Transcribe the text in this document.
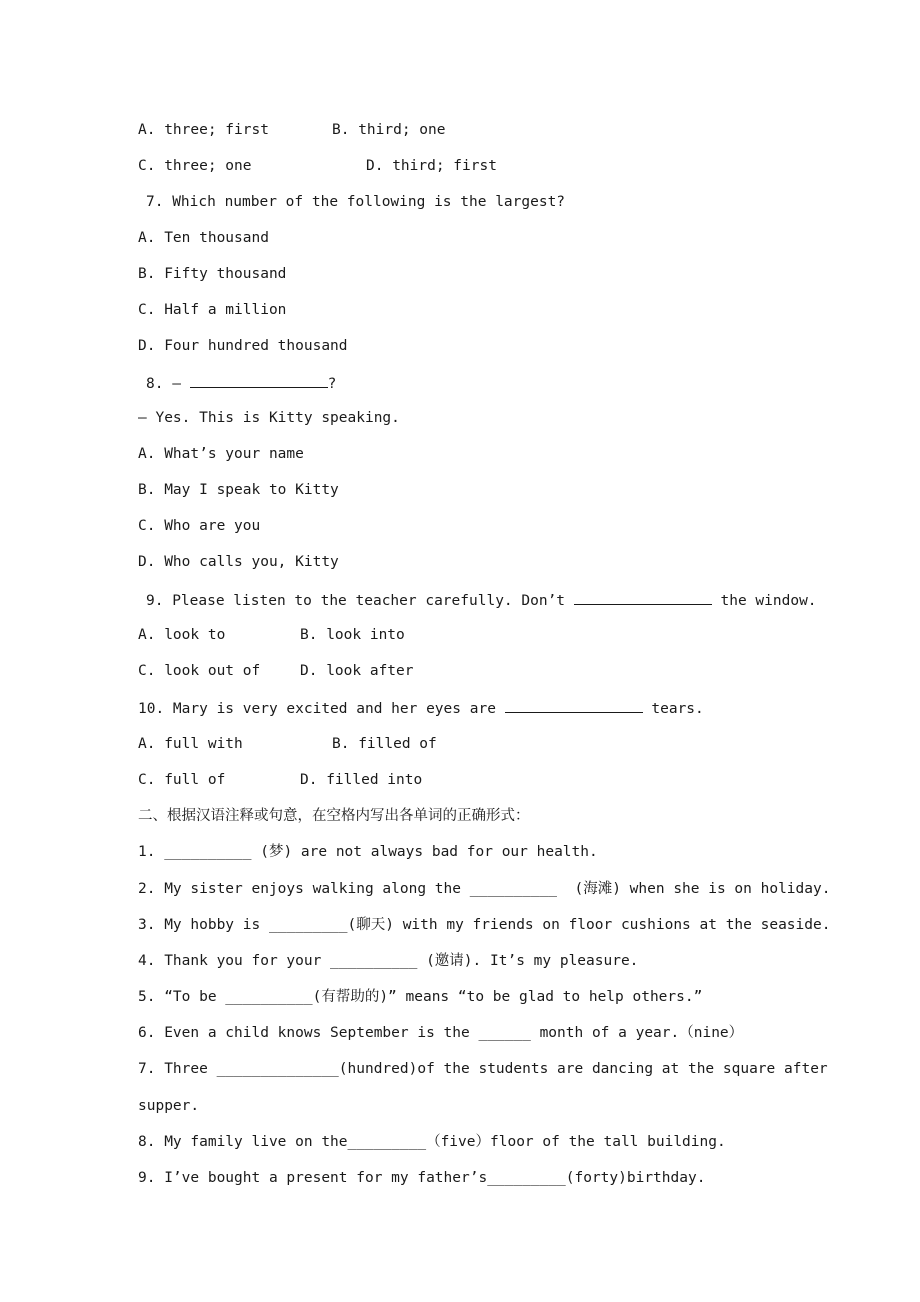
A. three; first	B. third; one
C. three; one	D. third; first
7. Which number of the following is the largest?
A. Ten thousand
B. Fifty thousand
C. Half a million
D. Four hundred thousand
8. —	?
— Yes. This is Kitty speaking.
A. What’s your name
B. May I speak to Kitty
C. Who are you
D. Who calls you, Kitty
9. Please listen to the teacher carefully. Don’t	the window.
A. look to	B. look into
C. look out of	D. look after
10. Mary is very excited and her eyes are	tears.
A. full with	B. filled of
C. full of	D. filled into
二、根据汉语注释或句意，在空格内写出各单词的正确形式：
1. __________ (梦) are not always bad for our health.
2. My sister enjoys walking along the __________  (海滩) when she is on holiday.
3. My hobby is _________(聊天) with my friends on floor cushions at the seaside.
4. Thank you for your __________ (邀请). It’s my pleasure.
5. “To be __________(有帮助的)” means “to be glad to help others.”
6. Even a child knows September is the ______ month of a year.（nine）
7. Three ______________(hundred)of the students are dancing at the square after
supper.
8. My family live on the_________（five）floor of the tall building.
9. I’ve bought a present for my father’s_________(forty)birthday.
